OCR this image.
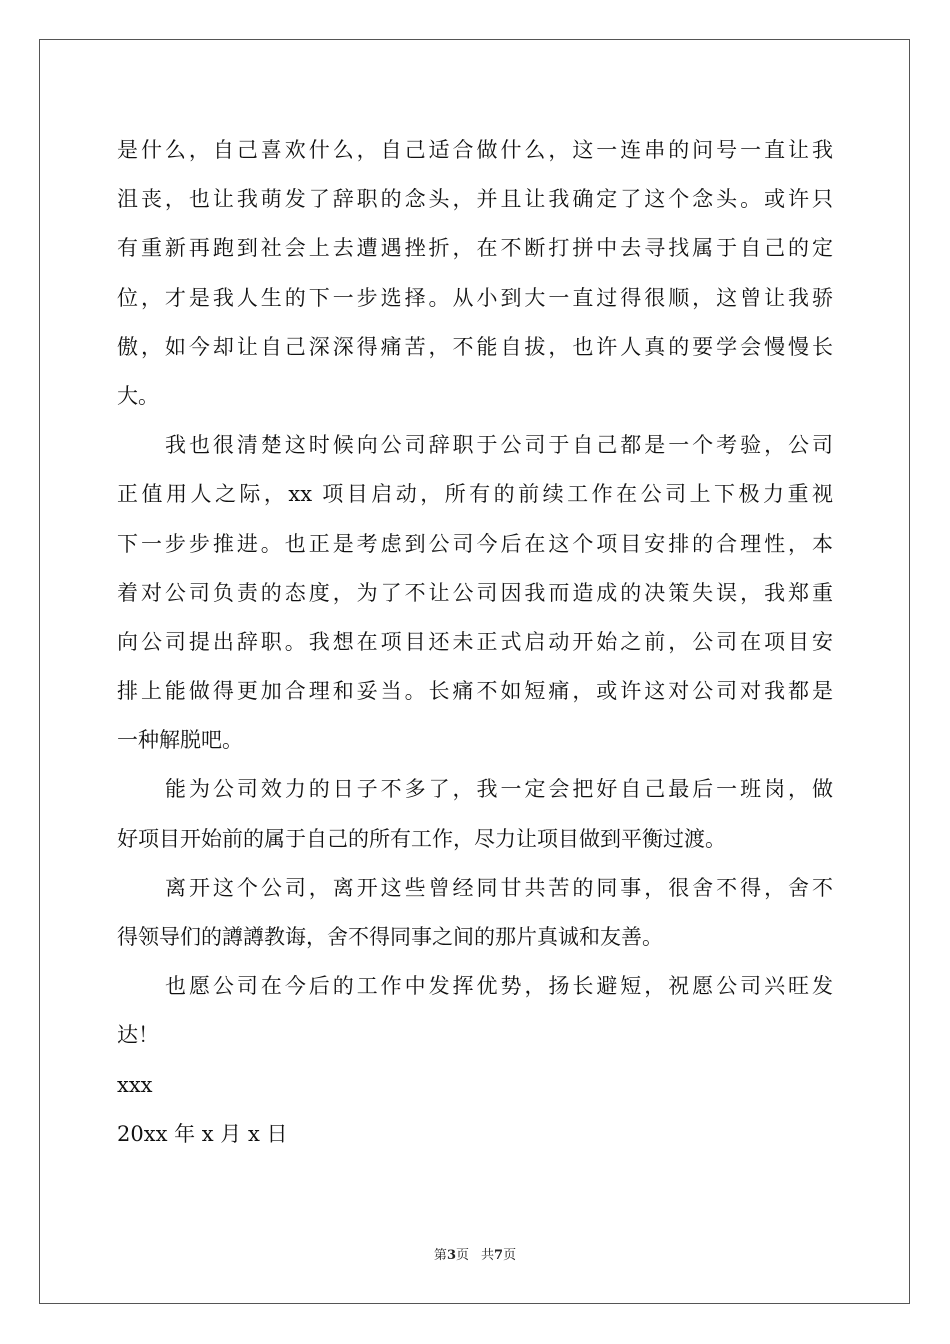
是什么，自己喜欢什么，自己适合做什么，这一连串的问号一直让我
沮丧，也让我萌发了辞职的念头，并且让我确定了这个念头。或许只
有重新再跑到社会上去遭遇挫折，在不断打拼中去寻找属于自己的定
位，才是我人生的下一步选择。从小到大一直过得很顺，这曾让我骄
傲，如今却让自己深深得痛苦，不能自拔，也许人真的要学会慢慢长
大。
我也很清楚这时候向公司辞职于公司于自己都是一个考验，公司
正值用人之际，xx 项目启动，所有的前续工作在公司上下极力重视
下一步步推进。也正是考虑到公司今后在这个项目安排的合理性，本
着对公司负责的态度，为了不让公司因我而造成的决策失误，我郑重
向公司提出辞职。我想在项目还未正式启动开始之前，公司在项目安
排上能做得更加合理和妥当。长痛不如短痛，或许这对公司对我都是
一种解脱吧。
能为公司效力的日子不多了，我一定会把好自己最后一班岗，做
好项目开始前的属于自己的所有工作，尽力让项目做到平衡过渡。
离开这个公司，离开这些曾经同甘共苦的同事，很舍不得，舍不
得领导们的譐譐教诲，舍不得同事之间的那片真诚和友善。
也愿公司在今后的工作中发挥优势，扬长避短，祝愿公司兴旺发
达！
xxx
20xx 年 x 月 x 日
第3页 共7页
